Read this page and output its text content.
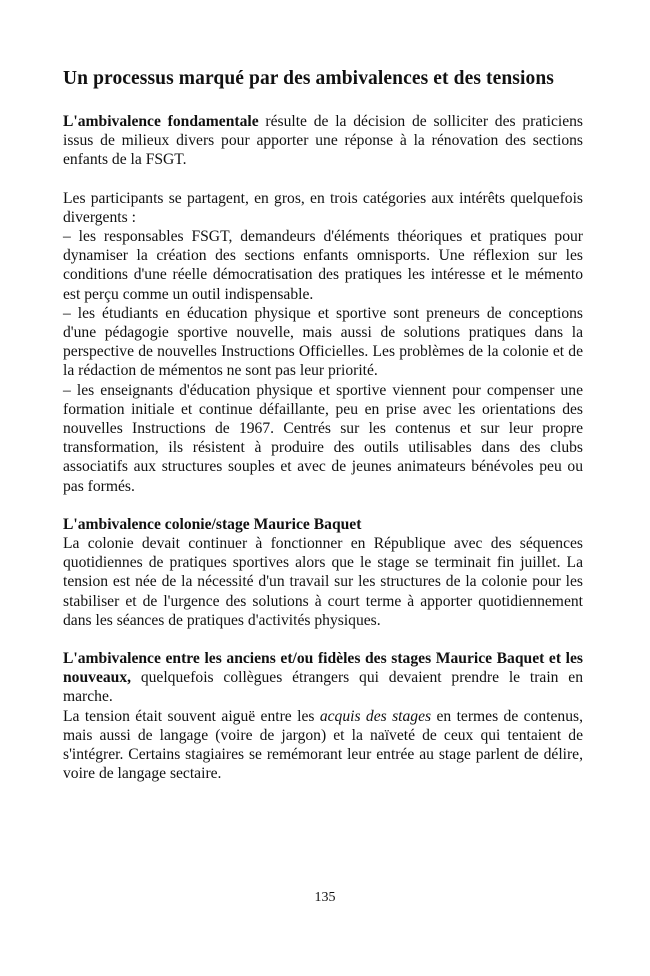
Un processus marqué par des ambivalences et des tensions

L'ambivalence fondamentale résulte de la décision de solliciter des praticiens issus de milieux divers pour apporter une réponse à la rénovation des sections enfants de la FSGT.

Les participants se partagent, en gros, en trois catégories aux intérêts quelquefois divergents :

– les responsables FSGT, demandeurs d'éléments théoriques et pratiques pour dynamiser la création des sections enfants omnisports. Une réflexion sur les conditions d'une réelle démocratisation des pratiques les intéresse et le mémento est perçu comme un outil indispensable.

– les étudiants en éducation physique et sportive sont preneurs de conceptions d'une pédagogie sportive nouvelle, mais aussi de solutions pratiques dans la perspective de nouvelles Instructions Officielles. Les problèmes de la colonie et de la rédaction de mémentos ne sont pas leur priorité.

– les enseignants d'éducation physique et sportive viennent pour compenser une formation initiale et continue défaillante, peu en prise avec les orientations des nouvelles Instructions de 1967. Centrés sur les contenus et sur leur propre transformation, ils résistent à produire des outils utilisables dans des clubs associatifs aux structures souples et avec de jeunes animateurs bénévoles peu ou pas formés.

L'ambivalence colonie/stage Maurice Baquet

La colonie devait continuer à fonctionner en République avec des séquences quotidiennes de pratiques sportives alors que le stage se terminait fin juillet. La tension est née de la nécessité d'un travail sur les structures de la colonie pour les stabiliser et de l'urgence des solutions à court terme à apporter quotidiennement dans les séances de pratiques d'activités physiques.

L'ambivalence entre les anciens et/ou fidèles des stages Maurice Baquet et les nouveaux, quelquefois collègues étrangers qui devaient prendre le train en marche.

La tension était souvent aiguë entre les acquis des stages en termes de contenus, mais aussi de langage (voire de jargon) et la naïveté de ceux qui tentaient de s'intégrer. Certains stagiaires se remémorant leur entrée au stage parlent de délire, voire de langage sectaire.

135
